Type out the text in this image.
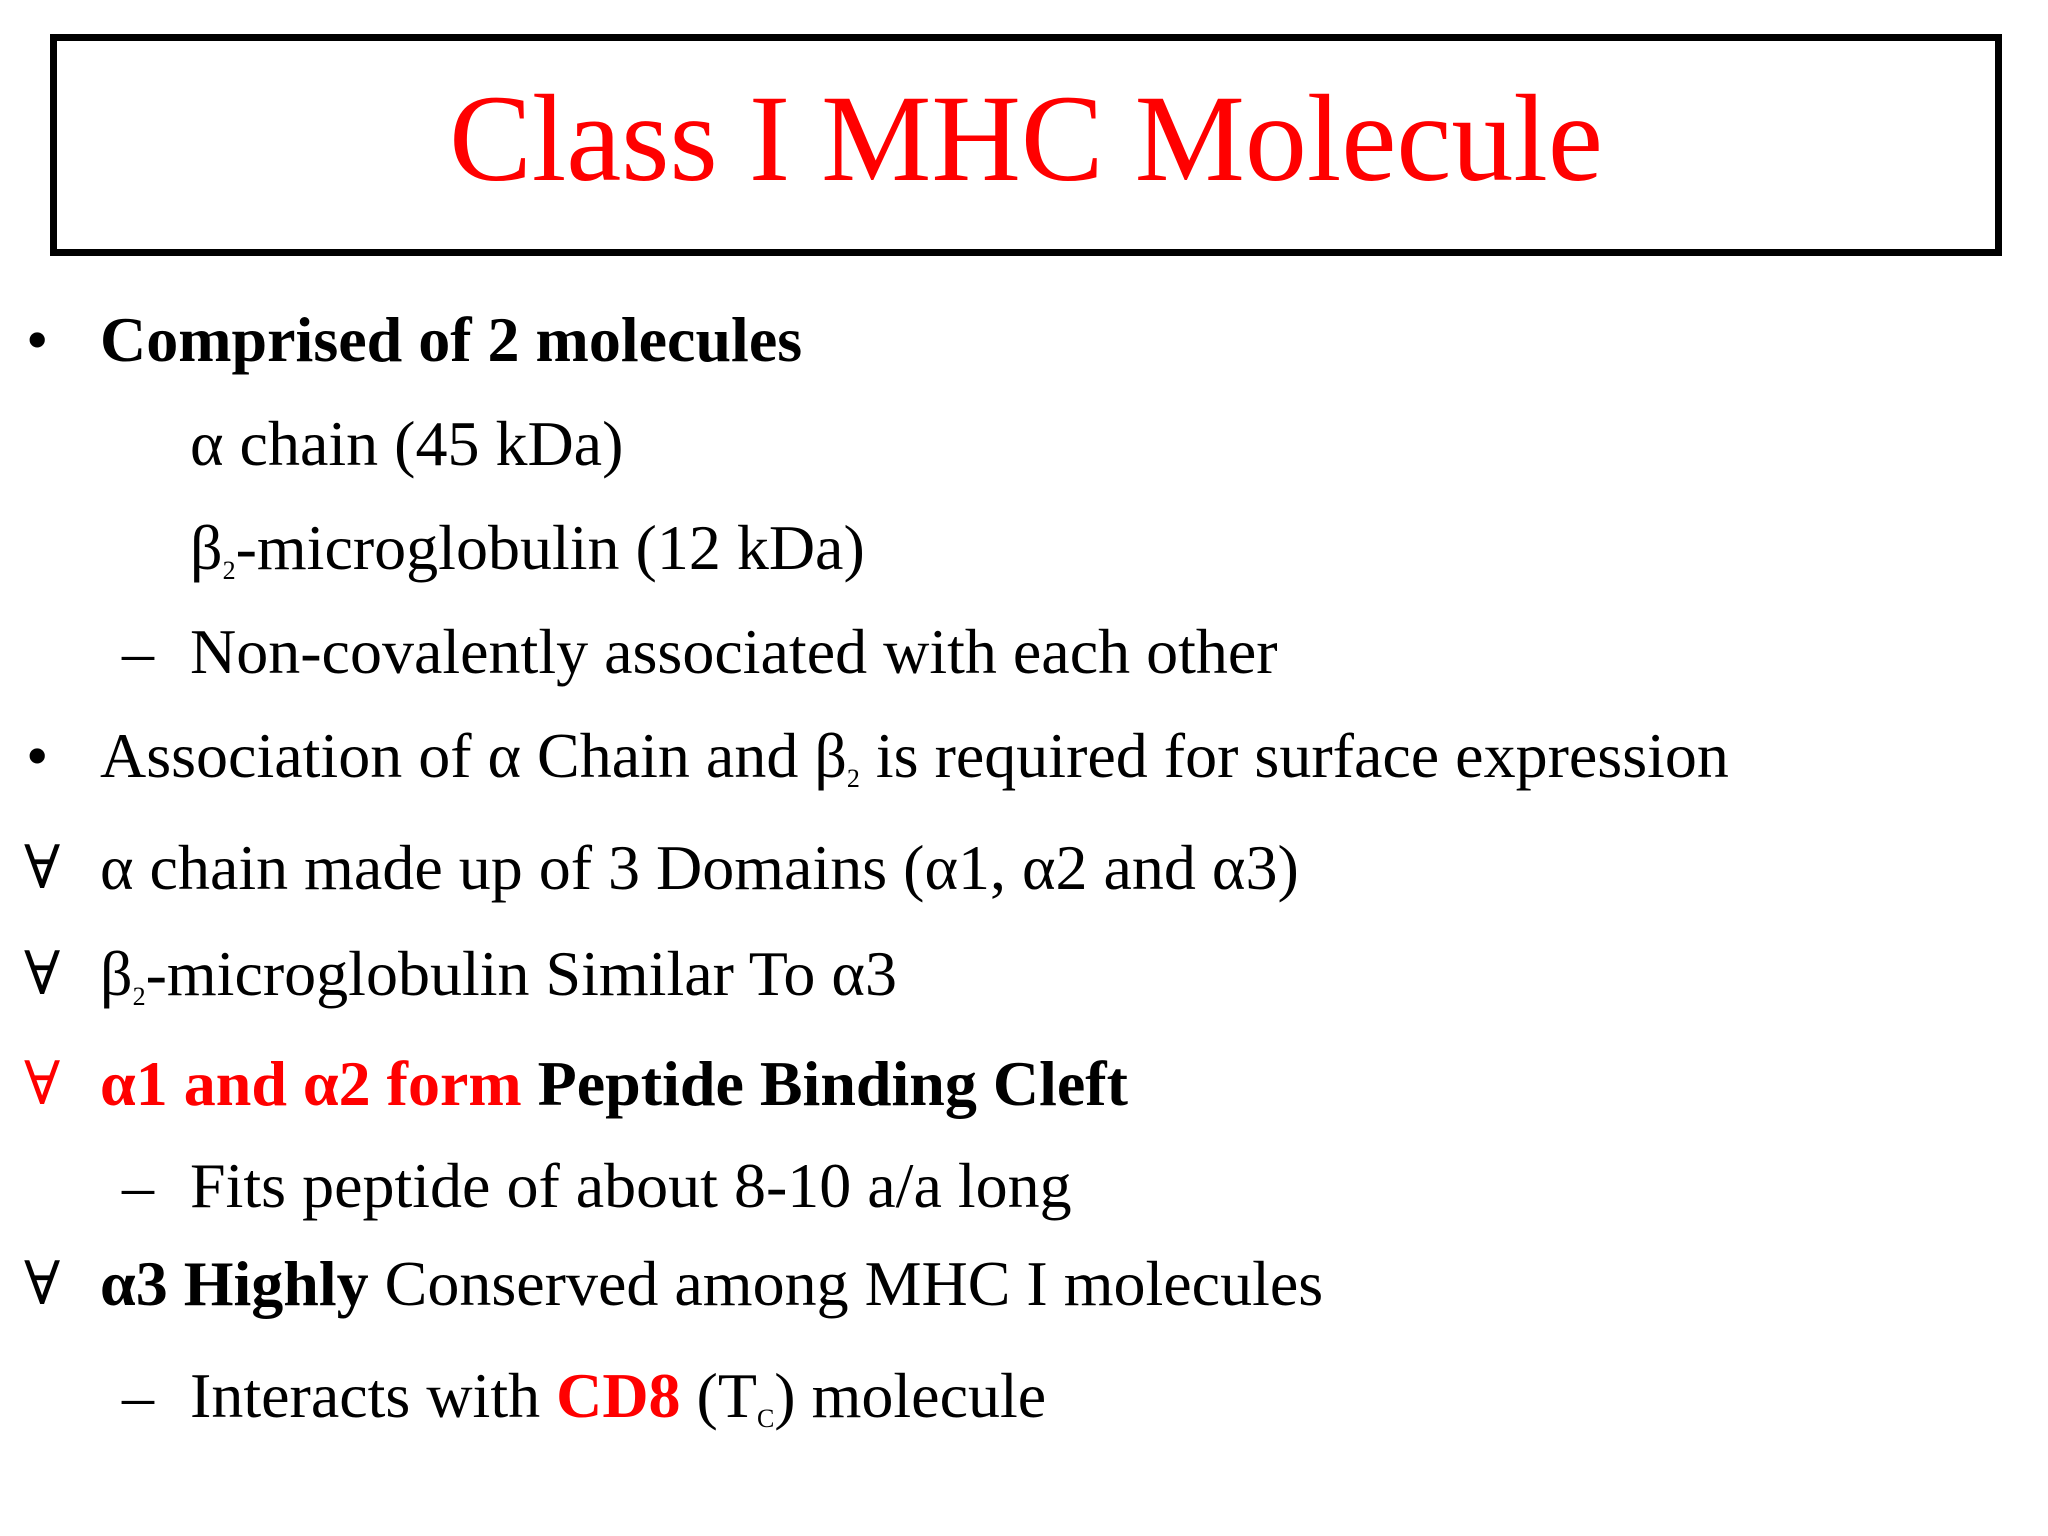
Class I MHC Molecule
• Comprised of 2 molecules
α chain (45 kDa)
$\beta_2$-microglobulin (12 kDa)
– Non-covalently associated with each other
• Association of α Chain and $\beta_2$ is required for surface expression
∀ α chain made up of 3 Domains (α1, α2 and α3)
∀ $\beta_2$-microglobulin Similar To α3
∀ α1 and α2 form Peptide Binding Cleft
– Fits peptide of about 8-10 a/a long
∀ α3 Highly Conserved among MHC I molecules
– Interacts with CD8 $(T_C)$ molecule
